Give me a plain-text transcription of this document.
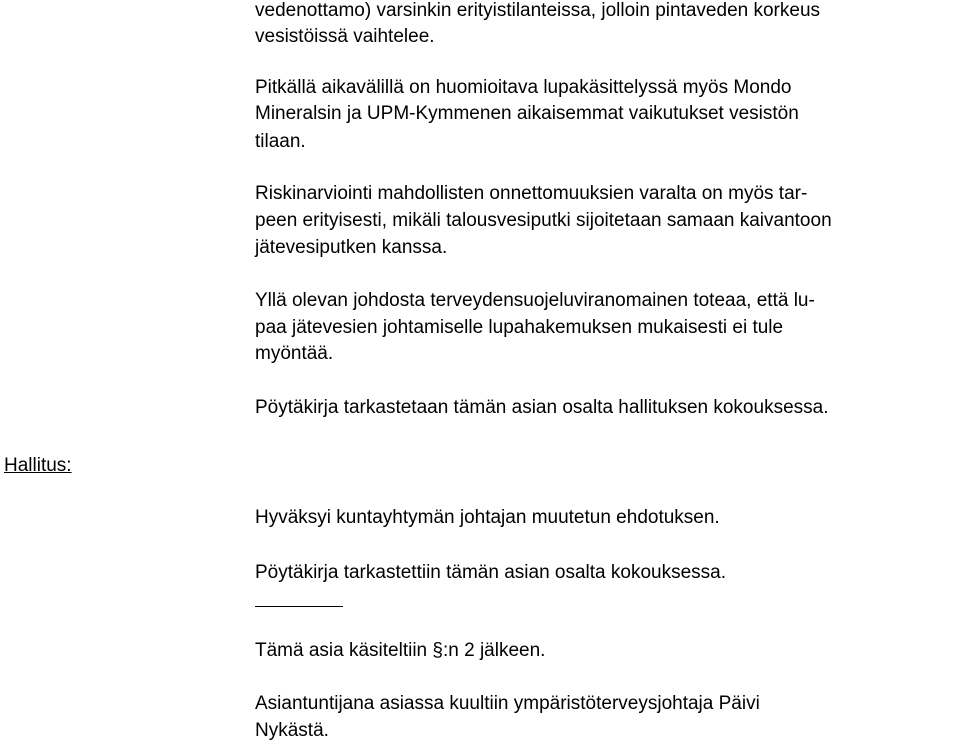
vedenottamo) varsinkin erityistilanteissa, jolloin pintaveden korkeus
vesistöissä vaihtelee.
Pitkällä aikavälillä on huomioitava lupakäsittelyssä myös Mondo
Mineralsin ja UPM-Kymmenen aikaisemmat vaikutukset vesistön
tilaan.
Riskinarviointi mahdollisten onnettomuuksien varalta on myös tar-
peen erityisesti, mikäli talousvesiputki sijoitetaan samaan kaivantoon
jätevesiputken kanssa.
Yllä olevan johdosta terveydensuojeluviranomainen toteaa, että lu-
paa jätevesien johtamiselle lupahakemuksen mukaisesti ei tule
myöntää.
Pöytäkirja tarkastetaan tämän asian osalta hallituksen kokouksessa.
Hallitus:
Hyväksyi kuntayhtymän johtajan muutetun ehdotuksen.
Pöytäkirja tarkastettiin tämän asian osalta kokouksessa.
Tämä asia käsiteltiin §:n 2 jälkeen.
Asiantuntijana asiassa kuultiin ympäristöterveysjohtaja Päivi
Nykästä.
